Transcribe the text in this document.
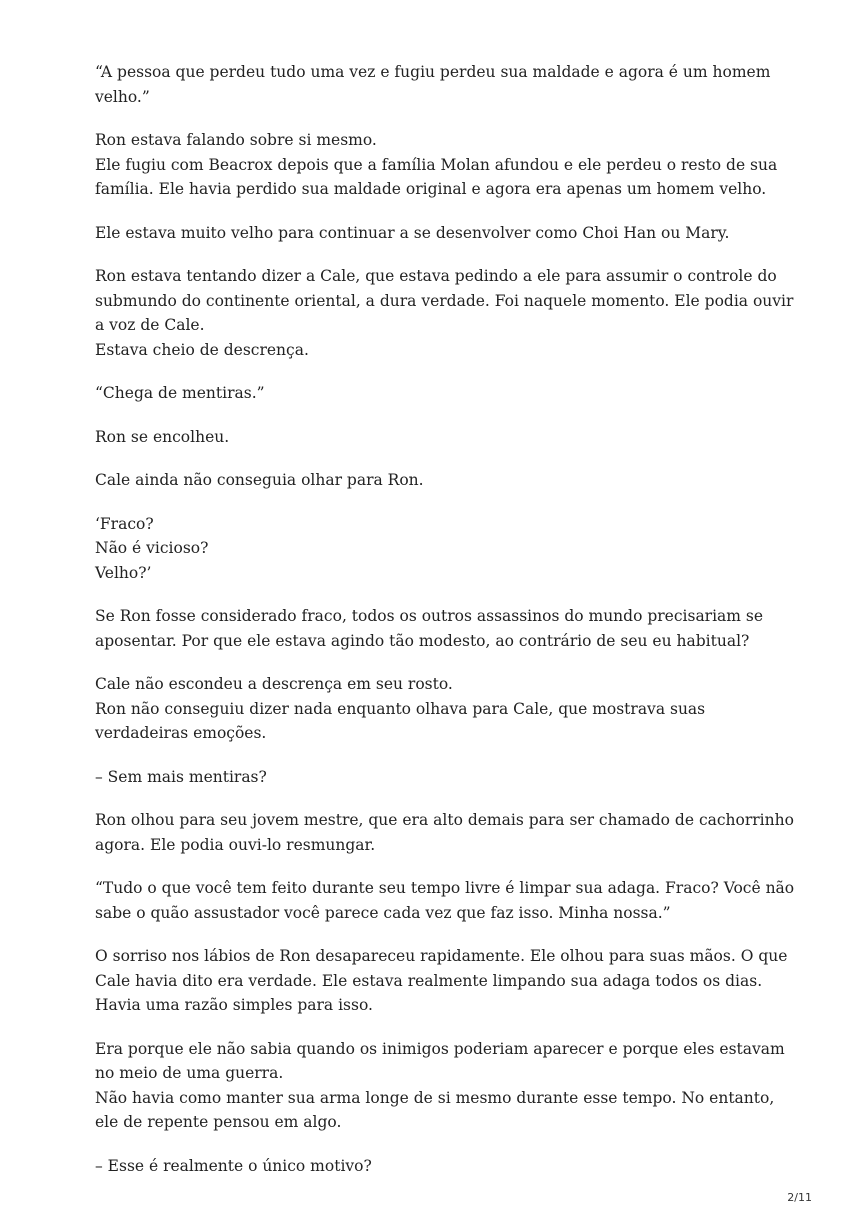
“A pessoa que perdeu tudo uma vez e fugiu perdeu sua maldade e agora é um homem
velho.”

Ron estava falando sobre si mesmo.
Ele fugiu com Beacrox depois que a família Molan afundou e ele perdeu o resto de sua
família. Ele havia perdido sua maldade original e agora era apenas um homem velho.

Ele estava muito velho para continuar a se desenvolver como Choi Han ou Mary.

Ron estava tentando dizer a Cale, que estava pedindo a ele para assumir o controle do
submundo do continente oriental, a dura verdade. Foi naquele momento. Ele podia ouvir
a voz de Cale.
Estava cheio de descrença.

“Chega de mentiras.”

Ron se encolheu.

Cale ainda não conseguia olhar para Ron.

‘Fraco?
Não é vicioso?
Velho?’

Se Ron fosse considerado fraco, todos os outros assassinos do mundo precisariam se
aposentar. Por que ele estava agindo tão modesto, ao contrário de seu eu habitual?

Cale não escondeu a descrença em seu rosto.
Ron não conseguiu dizer nada enquanto olhava para Cale, que mostrava suas
verdadeiras emoções.

– Sem mais mentiras?

Ron olhou para seu jovem mestre, que era alto demais para ser chamado de cachorrinho
agora. Ele podia ouvi-lo resmungar.

“Tudo o que você tem feito durante seu tempo livre é limpar sua adaga. Fraco? Você não
sabe o quão assustador você parece cada vez que faz isso. Minha nossa.”

O sorriso nos lábios de Ron desapareceu rapidamente. Ele olhou para suas mãos. O que
Cale havia dito era verdade. Ele estava realmente limpando sua adaga todos os dias.
Havia uma razão simples para isso.

Era porque ele não sabia quando os inimigos poderiam aparecer e porque eles estavam
no meio de uma guerra.
Não havia como manter sua arma longe de si mesmo durante esse tempo. No entanto,
ele de repente pensou em algo.

– Esse é realmente o único motivo?

2/11
